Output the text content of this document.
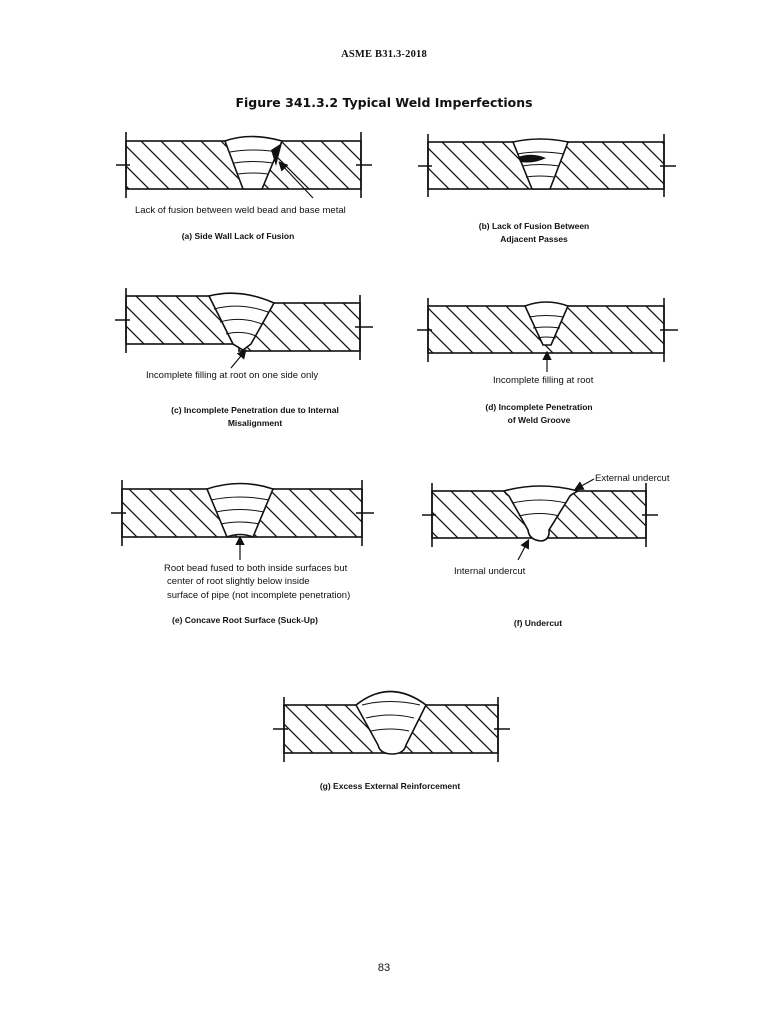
ASME B31.3-2018
Figure 341.3.2 Typical Weld Imperfections
Lack of fusion between weld bead and base metal
(a) Side Wall Lack of Fusion
(b) Lack of Fusion Between
Adjacent Passes
Incomplete filling at root on one side only
(c) Incomplete Penetration due to Internal
Misalignment
Incomplete filling at root
(d) Incomplete Penetration
of Weld Groove
Root bead fused to both inside surfaces but
center of root slightly below inside
surface of pipe (not incomplete penetration)
(e) Concave Root Surface (Suck-Up)
External undercut
Internal undercut
(f) Undercut
(g) Excess External Reinforcement
83
